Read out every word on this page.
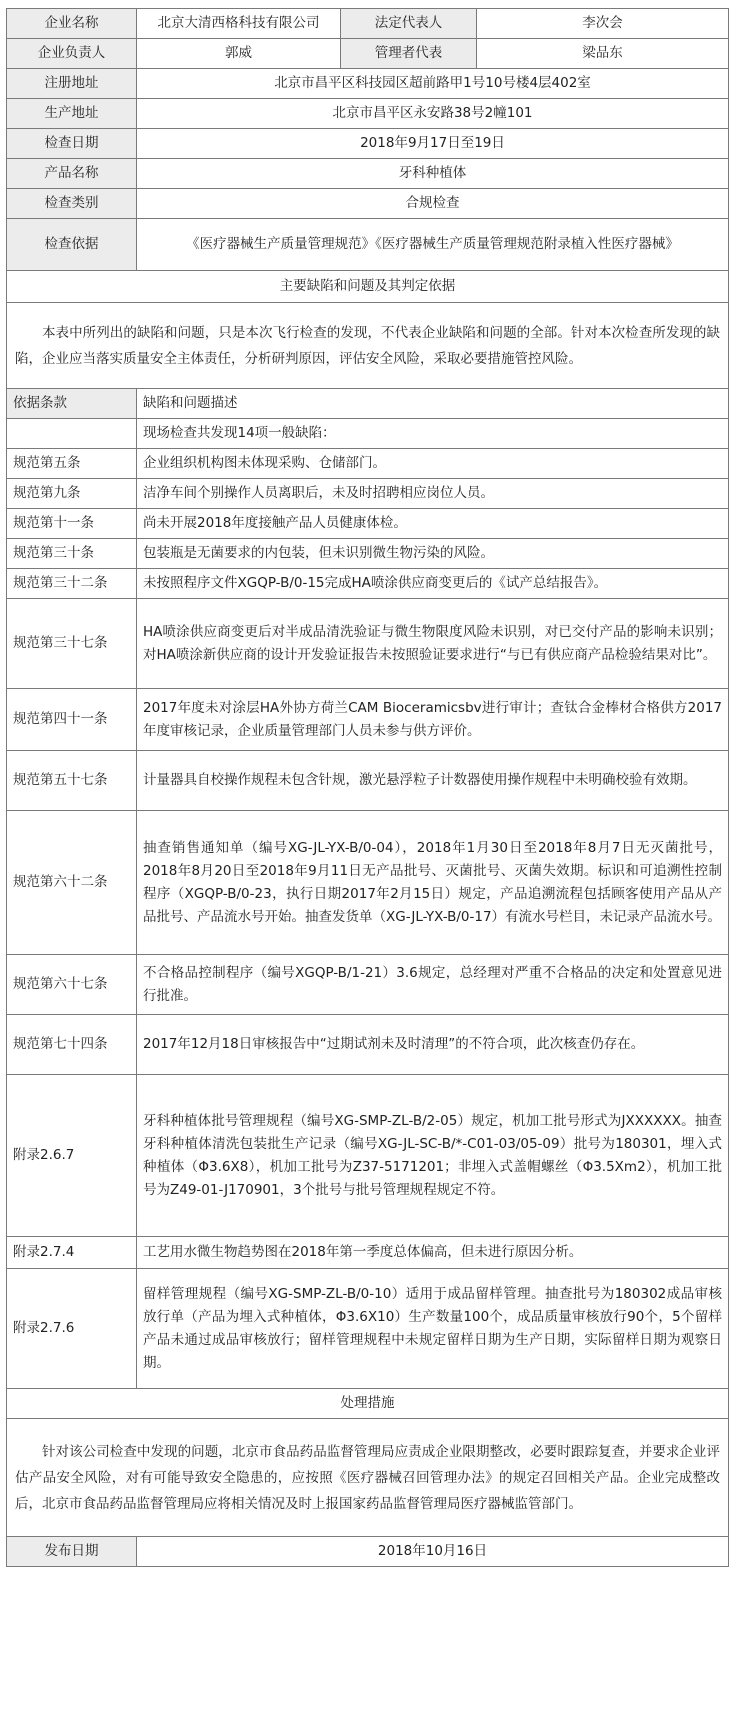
企业名称	北京大清西格科技有限公司	法定代表人	李次会
企业负责人	郭威	管理者代表	梁品东
注册地址	北京市昌平区科技园区超前路甲1号10号楼4层402室		
生产地址	北京市昌平区永安路38号2幢101		
检查日期	2018年9月17日至19日		
产品名称	牙科种植体		
检查类别	合规检查		
检查依据	《医疗器械生产质量管理规范》《医疗器械生产质量管理规范附录植入性医疗器械》		
主要缺陷和问题及其判定依据			
本表中所列出的缺陷和问题，只是本次飞行检查的发现，不代表企业缺陷和问题的全部。针对本次检查所发现的缺陷，企业应当落实质量安全主体责任，分析研判原因，评估安全风险，采取必要措施管控风险。			
依据条款	缺陷和问题描述		
	现场检查共发现14项一般缺陷：		
规范第五条	企业组织机构图未体现采购、仓储部门。		
规范第九条	洁净车间个别操作人员离职后，未及时招聘相应岗位人员。		
规范第十一条	尚未开展2018年度接触产品人员健康体检。		
规范第三十条	包装瓶是无菌要求的内包装，但未识别微生物污染的风险。		
规范第三十二条	未按照程序文件XGQP-B/0-15完成HA喷涂供应商变更后的《试产总结报告》。		
规范第三十七条	HA喷涂供应商变更后对半成品清洗验证与微生物限度风险未识别，对已交付产品的影响未识别；对HA喷涂新供应商的设计开发验证报告未按照验证要求进行“与已有供应商产品检验结果对比”。		
规范第四十一条	2017年度未对涂层HA外协方荷兰CAM Bioceramicsbv进行审计；查钛合金棒材合格供方2017年度审核记录，企业质量管理部门人员未参与供方评价。		
规范第五十七条	计量器具自校操作规程未包含针规，激光悬浮粒子计数器使用操作规程中未明确校验有效期。		
规范第六十二条	抽查销售通知单（编号XG-JL-YX-B/0-04），2018年1月30日至2018年8月7日无灭菌批号，2018年8月20日至2018年9月11日无产品批号、灭菌批号、灭菌失效期。标识和可追溯性控制程序（XGQP-B/0-23，执行日期2017年2月15日）规定，产品追溯流程包括顾客使用产品从产品批号、产品流水号开始。抽查发货单（XG-JL-YX-B/0-17）有流水号栏目，未记录产品流水号。		
规范第六十七条	不合格品控制程序（编号XGQP-B/1-21）3.6规定，总经理对严重不合格品的决定和处置意见进行批准。		
规范第七十四条	2017年12月18日审核报告中“过期试剂未及时清理”的不符合项，此次核查仍存在。		
附录2.6.7	牙科种植体批号管理规程（编号XG-SMP-ZL-B/2-05）规定，机加工批号形式为JXXXXXX。抽查牙科种植体清洗包装批生产记录（编号XG-JL-SC-B/*-C01-03/05-09）批号为180301，埋入式种植体（Φ3.6X8），机加工批号为Z37-5171201；非埋入式盖帽螺丝（Φ3.5Xm2），机加工批号为Z49-01-J170901，3个批号与批号管理规程规定不符。		
附录2.7.4	工艺用水微生物趋势图在2018年第一季度总体偏高，但未进行原因分析。		
附录2.7.6	留样管理规程（编号XG-SMP-ZL-B/0-10）适用于成品留样管理。抽查批号为180302成品审核放行单（产品为埋入式种植体，Φ3.6X10）生产数量100个，成品质量审核放行90个，5个留样产品未通过成品审核放行；留样管理规程中未规定留样日期为生产日期，实际留样日期为观察日期。		
处理措施			
针对该公司检查中发现的问题，北京市食品药品监督管理局应责成企业限期整改，必要时跟踪复查，并要求企业评估产品安全风险，对有可能导致安全隐患的，应按照《医疗器械召回管理办法》的规定召回相关产品。企业完成整改后，北京市食品药品监督管理局应将相关情况及时上报国家药品监督管理局医疗器械监管部门。			
发布日期	2018年10月16日		
